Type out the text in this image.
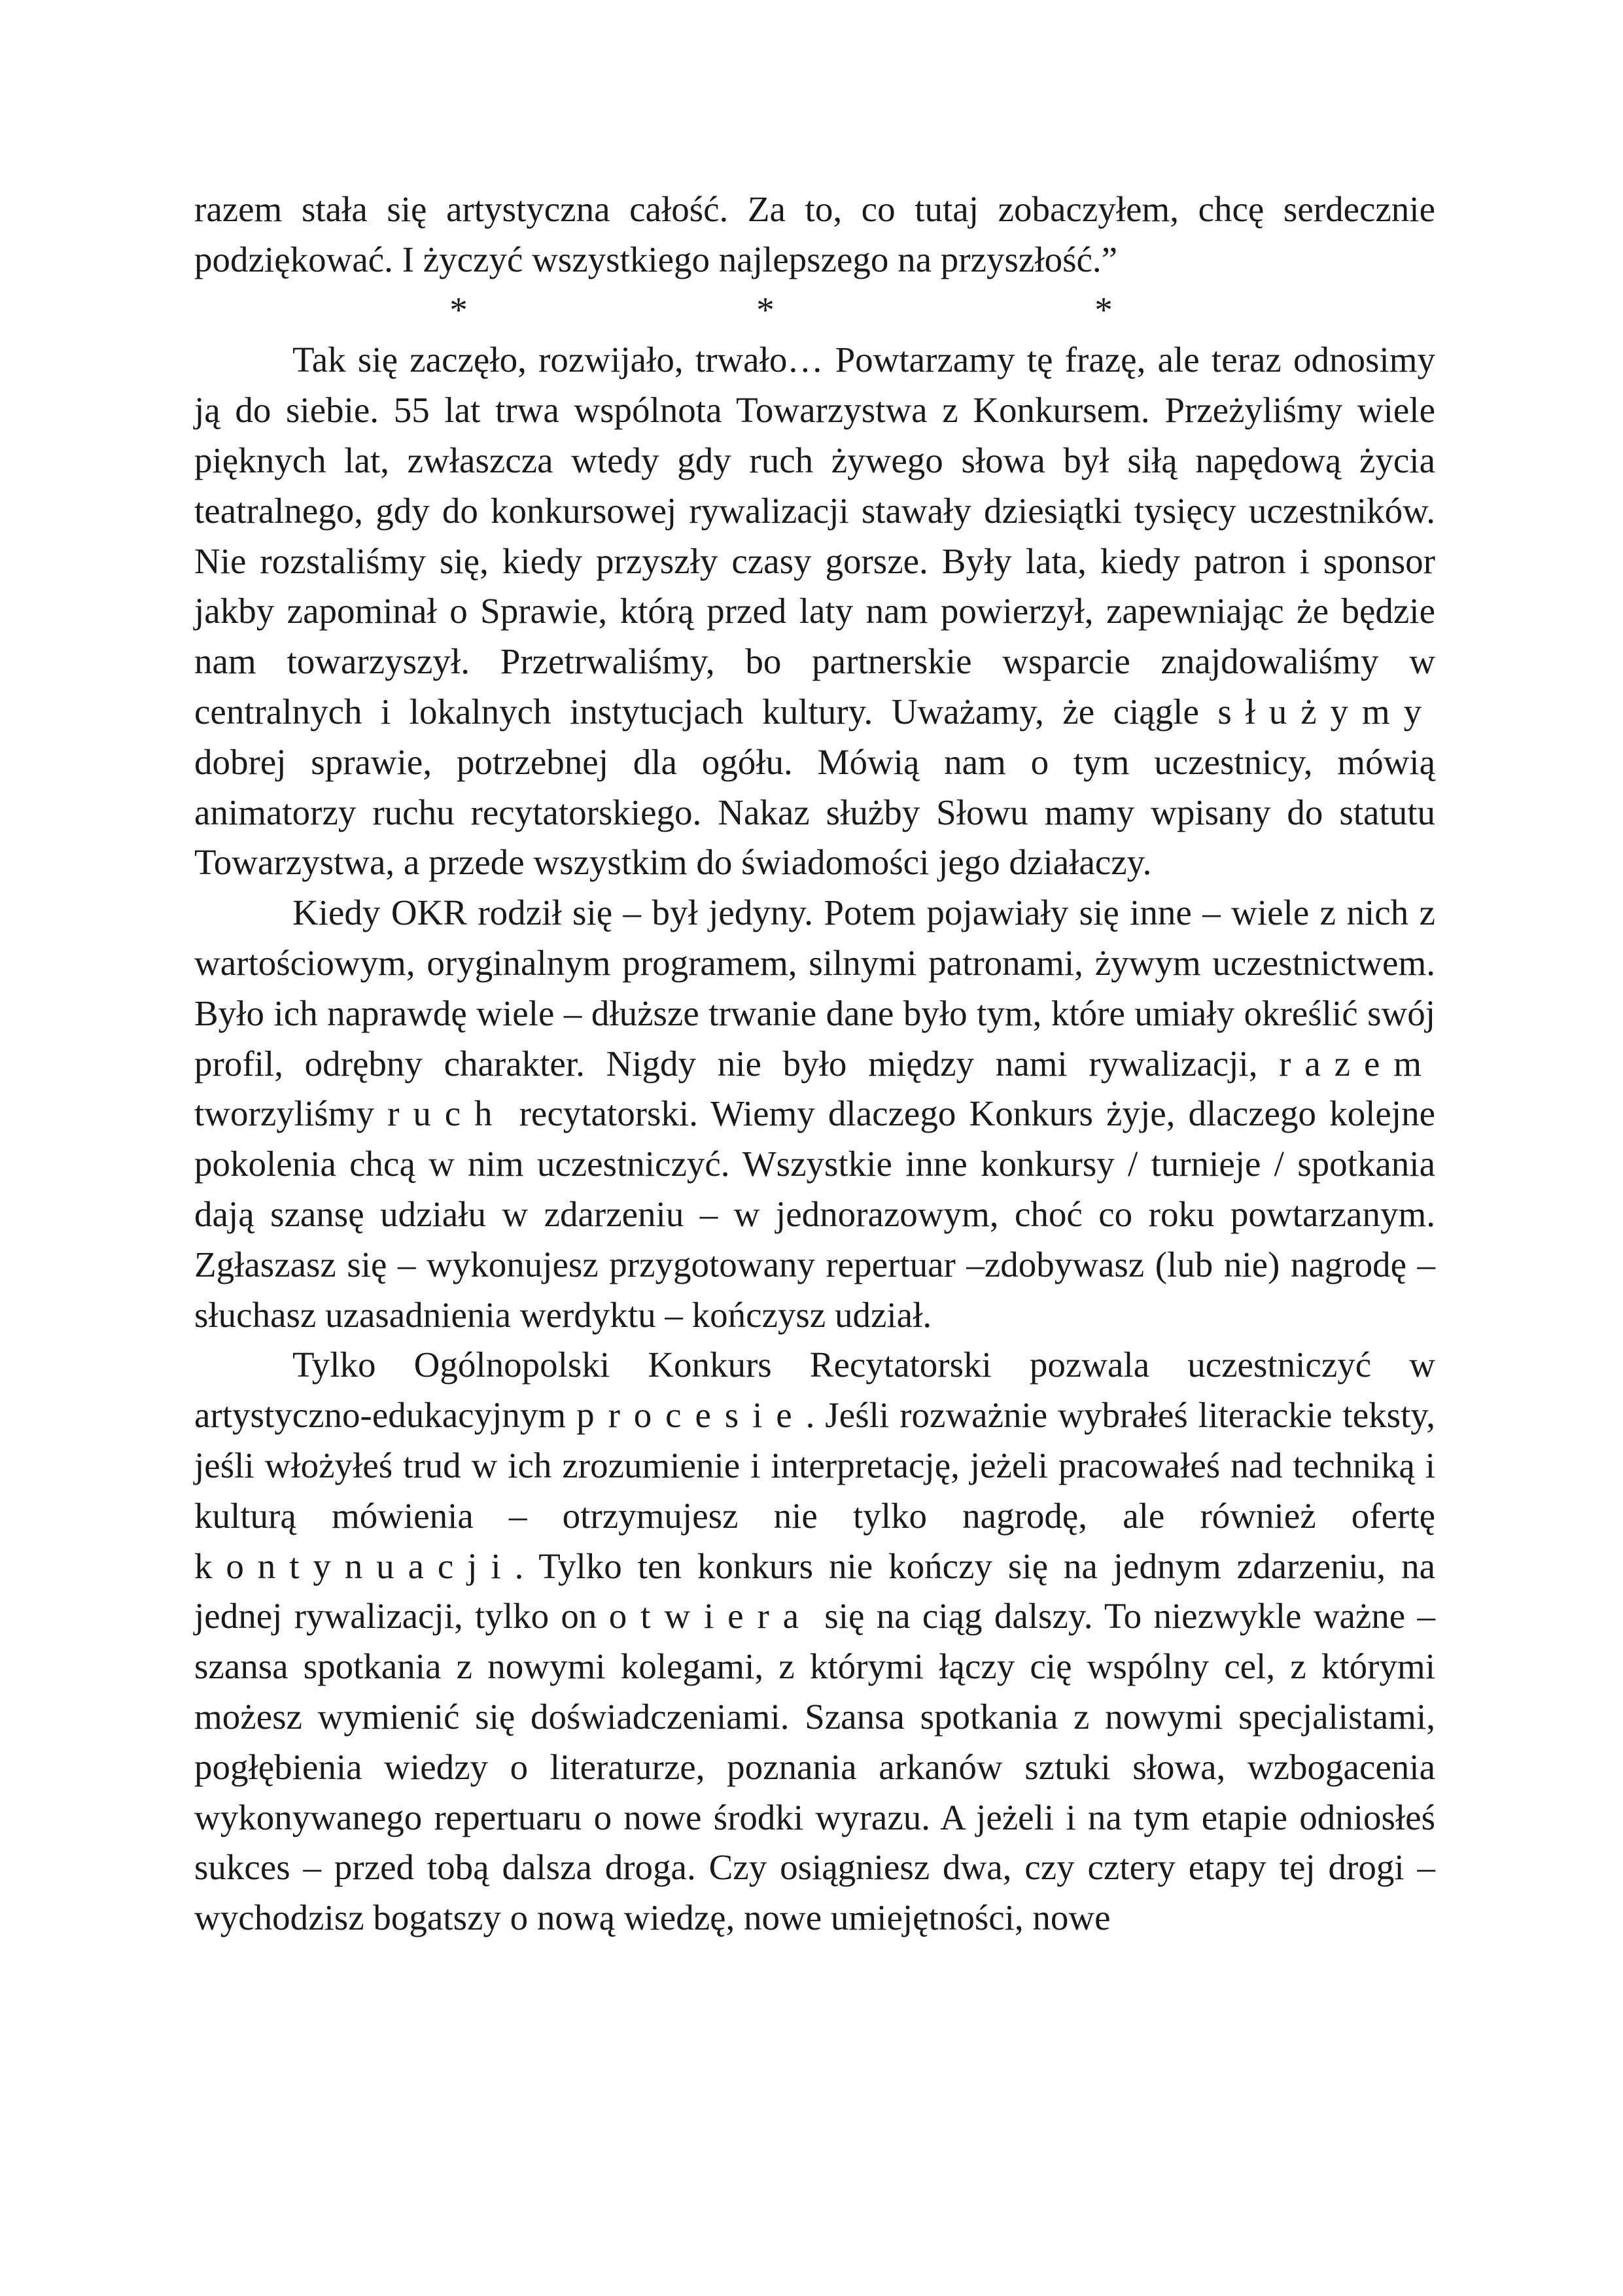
razem stała się artystyczna całość. Za to, co tutaj zobaczyłem, chcę serdecznie podziękować. I życzyć wszystkiego najlepszego na przyszłość.”

*	*	*

Tak się zaczęło, rozwijało, trwało… Powtarzamy tę frazę, ale teraz odnosimy ją do siebie. 55 lat trwa wspólnota Towarzystwa z Konkursem. Przeżyliśmy wiele pięknych lat, zwłaszcza wtedy gdy ruch żywego słowa był siłą napędową życia teatralnego, gdy do konkursowej rywalizacji stawały dziesiątki tysięcy uczestników. Nie rozstaliśmy się, kiedy przyszły czasy gorsze. Były lata, kiedy patron i sponsor jakby zapominał o Sprawie, którą przed laty nam powierzył, zapewniając że będzie nam towarzyszył. Przetrwaliśmy, bo partnerskie wsparcie znajdowaliśmy w centralnych i lokalnych instytucjach kultury. Uważamy, że ciągle służymy dobrej sprawie, potrzebnej dla ogółu. Mówią nam o tym uczestnicy, mówią animatorzy ruchu recytatorskiego. Nakaz służby Słowu mamy wpisany do statutu Towarzystwa, a przede wszystkim do świadomości jego działaczy.

Kiedy OKR rodził się – był jedyny. Potem pojawiały się inne – wiele z nich z wartościowym, oryginalnym programem, silnymi patronami, żywym uczestnictwem. Było ich naprawdę wiele – dłuższe trwanie dane było tym, które umiały określić swój profil, odrębny charakter. Nigdy nie było między nami rywalizacji, razem tworzyliśmy ruch recytatorski. Wiemy dlaczego Konkurs żyje, dlaczego kolejne pokolenia chcą w nim uczestniczyć. Wszystkie inne konkursy / turnieje / spotkania dają szansę udziału w zdarzeniu – w jednorazowym, choć co roku powtarzanym. Zgłaszasz się – wykonujesz przygotowany repertuar –zdobywasz (lub nie) nagrodę – słuchasz uzasadnienia werdyktu – kończysz udział.

Tylko Ogólnopolski Konkurs Recytatorski pozwala uczestniczyć w artystyczno-edukacyjnym procesie. Jeśli rozważnie wybrałeś literackie teksty, jeśli włożyłeś trud w ich zrozumienie i interpretację, jeżeli pracowałeś nad techniką i kulturą mówienia – otrzymujesz nie tylko nagrodę, ale również ofertę kontynuacji. Tylko ten konkurs nie kończy się na jednym zdarzeniu, na jednej rywalizacji, tylko on otwiera się na ciąg dalszy. To niezwykle ważne – szansa spotkania z nowymi kolegami, z którymi łączy cię wspólny cel, z którymi możesz wymienić się doświadczeniami. Szansa spotkania z nowymi specjalistami, pogłębienia wiedzy o literaturze, poznania arkanów sztuki słowa, wzbogacenia wykonywanego repertuaru o nowe środki wyrazu. A jeżeli i na tym etapie odniosłeś sukces – przed tobą dalsza droga. Czy osiągniesz dwa, czy cztery etapy tej drogi – wychodzisz bogatszy o nową wiedzę, nowe umiejętności, nowe
